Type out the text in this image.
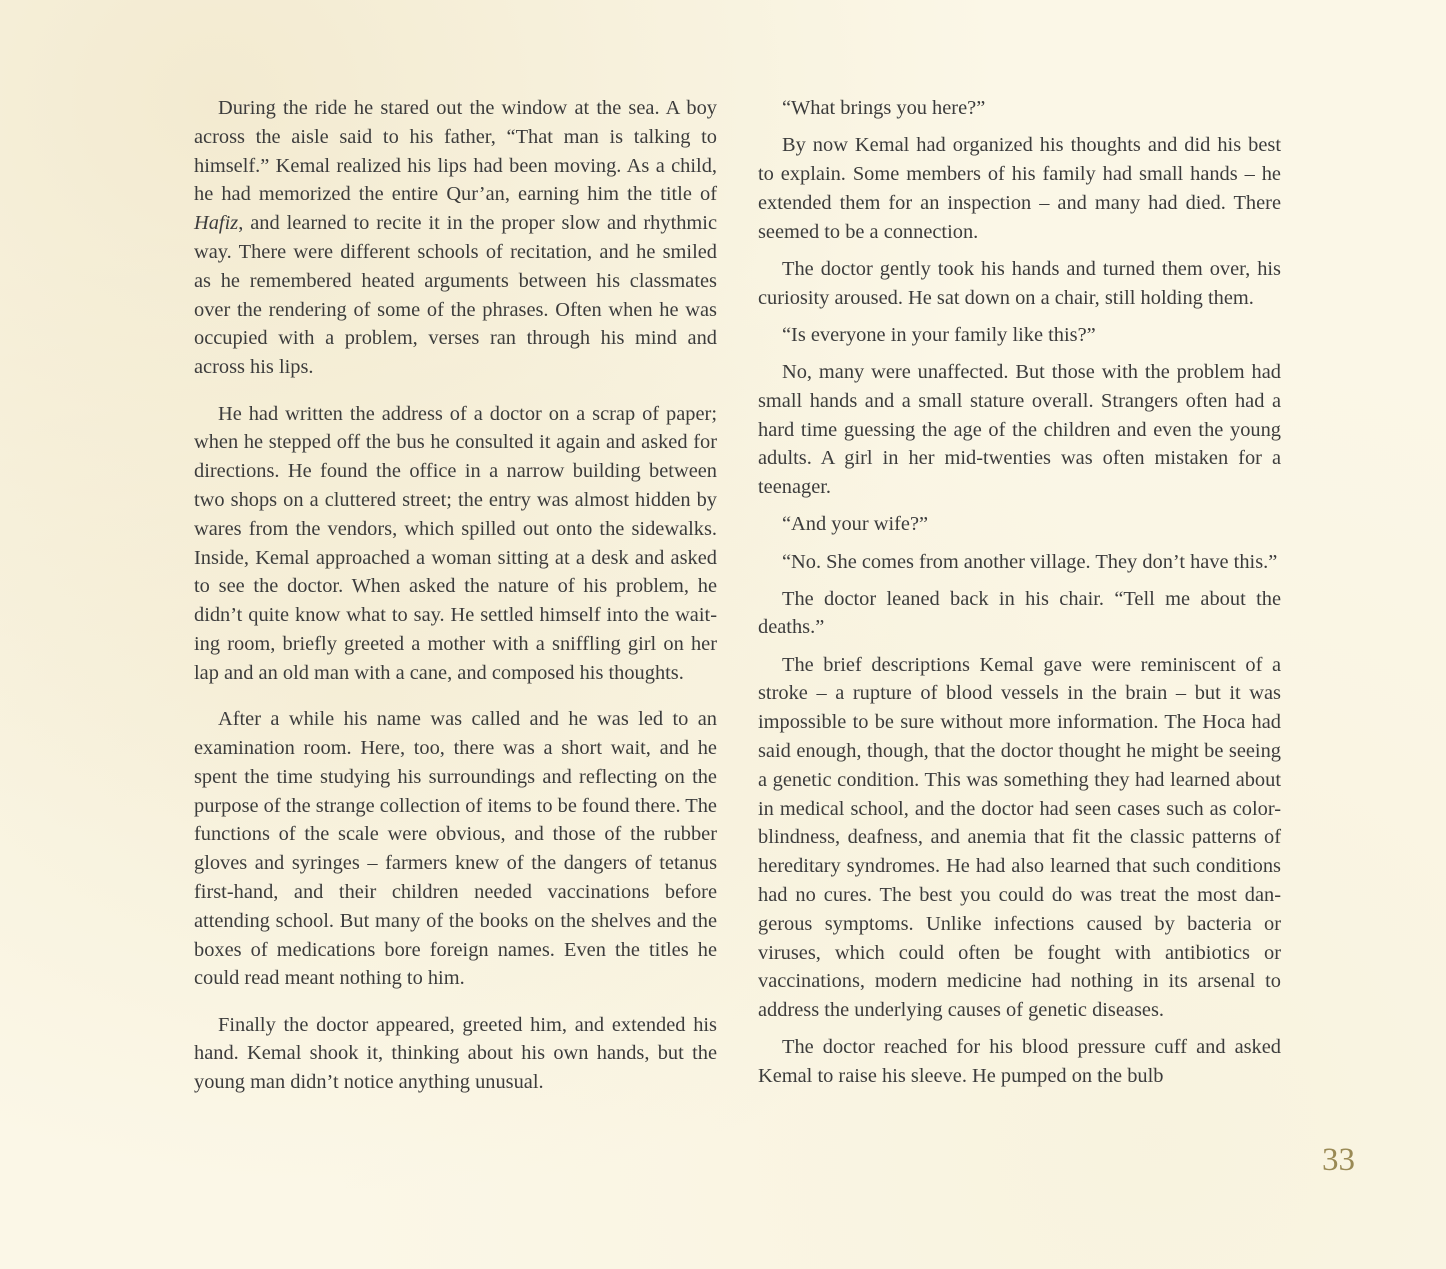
During the ride he stared out the window at the sea. A boy across the aisle said to his father, “That man is talking to himself.” Kemal realized his lips had been moving. As a child, he had memorized the entire Qur’an, earning him the title of Hafiz, and learned to recite it in the proper slow and rhythmic way. There were different schools of recitation, and he smiled as he remembered heated arguments between his classmates over the rendering of some of the phrases. Often when he was occupied with a problem, verses ran through his mind and across his lips.

He had written the address of a doctor on a scrap of paper; when he stepped off the bus he consulted it again and asked for directions. He found the office in a narrow building between two shops on a cluttered street; the entry was almost hidden by wares from the vendors, which spilled out onto the sidewalks. Inside, Kemal approached a woman sitting at a desk and asked to see the doctor. When asked the nature of his problem, he didn’t quite know what to say. He settled himself into the waiting room, briefly greeted a mother with a sniffling girl on her lap and an old man with a cane, and composed his thoughts.

After a while his name was called and he was led to an examination room. Here, too, there was a short wait, and he spent the time studying his surroundings and reflecting on the purpose of the strange collection of items to be found there. The functions of the scale were obvious, and those of the rubber gloves and syringes – farmers knew of the dangers of tetanus first-hand, and their children needed vaccinations before attending school. But many of the books on the shelves and the boxes of medications bore foreign names. Even the titles he could read meant nothing to him.

Finally the doctor appeared, greeted him, and extended his hand. Kemal shook it, thinking about his own hands, but the young man didn’t notice anything unusual.

“What brings you here?”

By now Kemal had organized his thoughts and did his best to explain. Some members of his family had small hands – he extended them for an inspection – and many had died. There seemed to be a connection.

The doctor gently took his hands and turned them over, his curiosity aroused. He sat down on a chair, still holding them.

“Is everyone in your family like this?”

No, many were unaffected. But those with the problem had small hands and a small stature overall. Strangers often had a hard time guessing the age of the children and even the young adults. A girl in her mid-twenties was often mistaken for a teenager.

“And your wife?”

“No. She comes from another village. They don’t have this.”

The doctor leaned back in his chair. “Tell me about the deaths.”

The brief descriptions Kemal gave were reminiscent of a stroke – a rupture of blood vessels in the brain – but it was impossible to be sure without more information. The Hoca had said enough, though, that the doctor thought he might be seeing a genetic condition. This was something they had learned about in medical school, and the doctor had seen cases such as color-blindness, deafness, and anemia that fit the classic patterns of hereditary syndromes. He had also learned that such conditions had no cures. The best you could do was treat the most dangerous symptoms. Unlike infections caused by bacteria or viruses, which could often be fought with antibiotics or vaccinations, modern medicine had nothing in its arsenal to address the underlying causes of genetic diseases.

The doctor reached for his blood pressure cuff and asked Kemal to raise his sleeve. He pumped on the bulb

33
